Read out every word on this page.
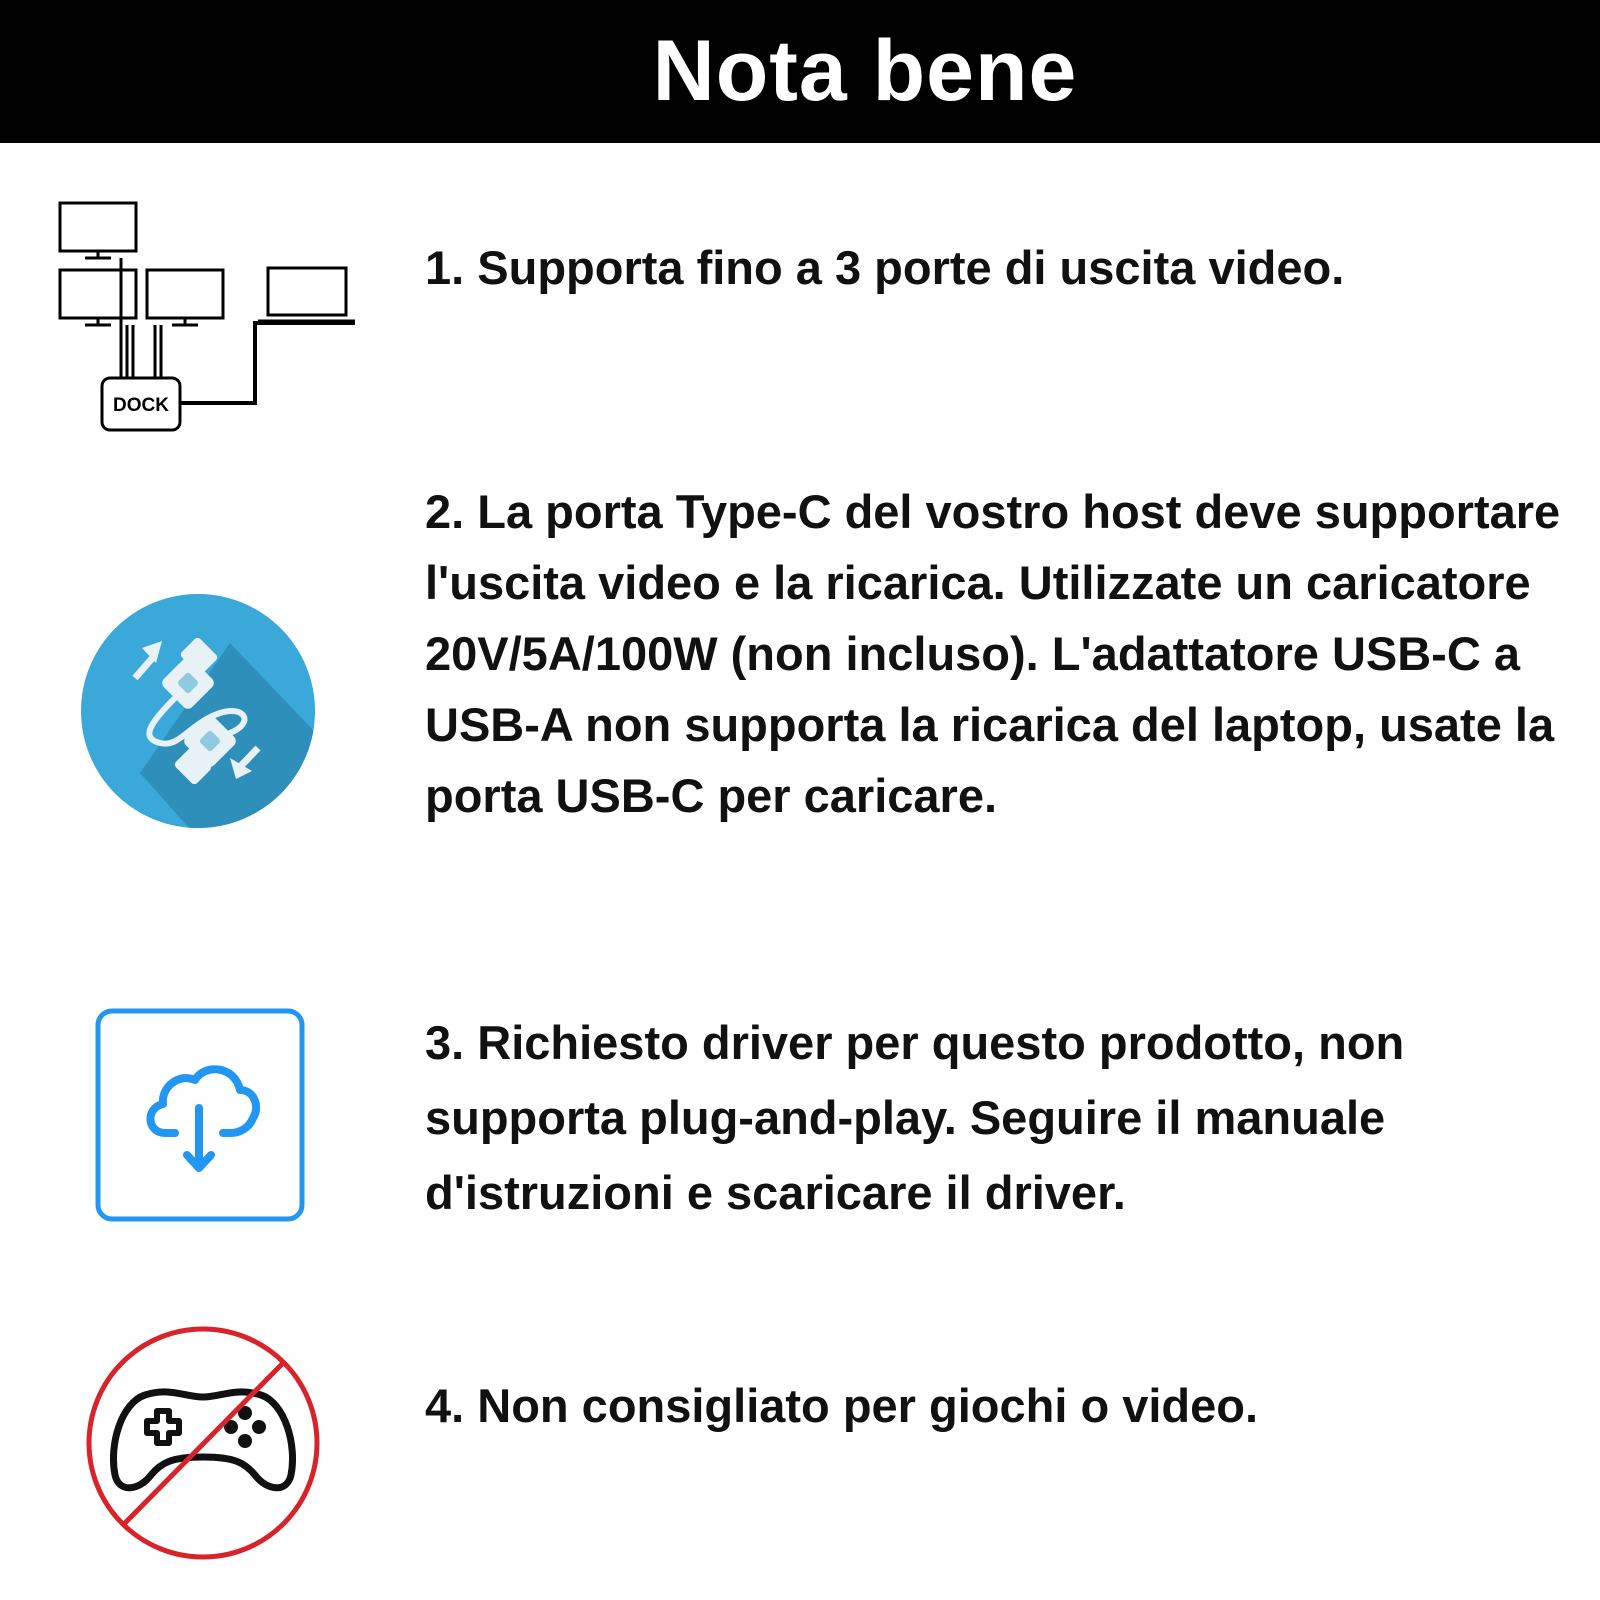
Nota bene
DOCK
1. Supporta fino a 3 porte di uscita video.
2. La porta Type-C del vostro host deve supportare l'uscita video e la ricarica. Utilizzate un caricatore 20V/5A/100W (non incluso). L'adattatore USB-C a USB-A non supporta la ricarica del laptop, usate la porta USB-C per caricare.
3. Richiesto driver per questo prodotto, non supporta plug-and-play. Seguire il manuale d'istruzioni e scaricare il driver.
4. Non consigliato per giochi o video.
